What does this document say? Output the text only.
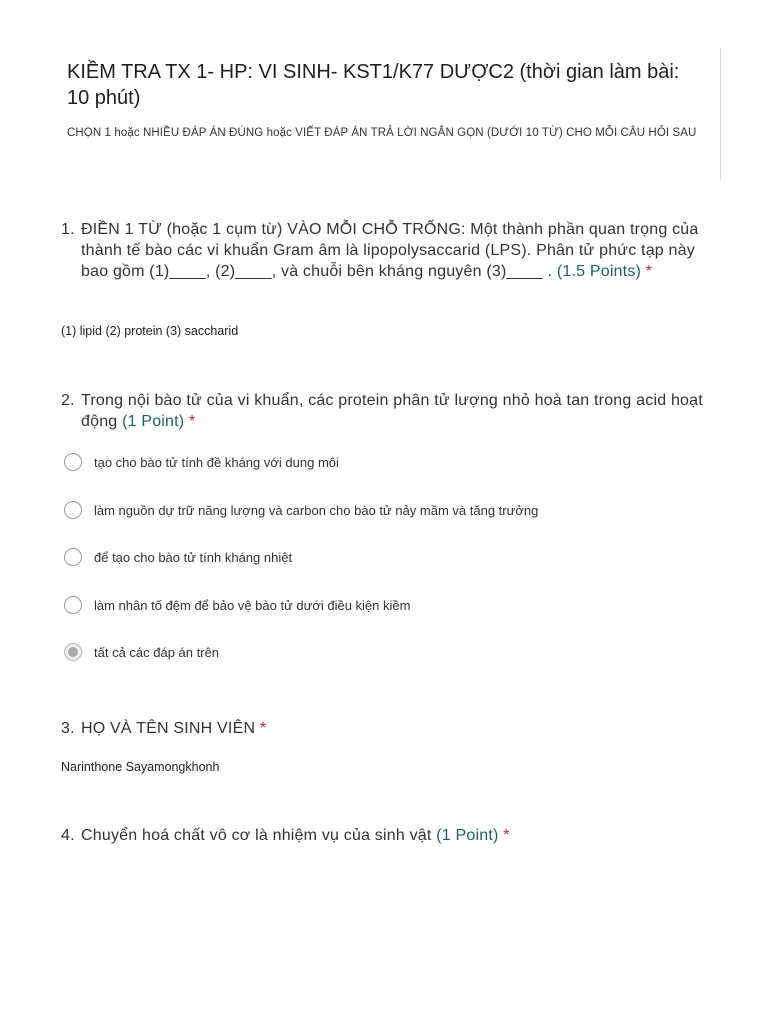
KIỀM TRA TX 1- HP: VI SINH- KST1/K77 DƯỢC2 (thời gian làm bài: 10 phút)
CHỌN 1 hoặc NHIỀU ĐÁP ÁN ĐÚNG hoặc VIẾT ĐÁP ÁN TRẢ LỜI NGẮN GỌN (DƯỚI 10 TỪ) CHO MỖI CÂU HỎI SAU
1. ĐIỀN 1 TỪ (hoặc 1 cụm từ) VÀO MỖI CHỖ TRỐNG: Một thành phần quan trọng của thành tế bào các vi khuẩn Gram âm là lipopolysaccarid (LPS). Phân tử phức tạp này bao gồm (1)____, (2)____, và chuỗi bên kháng nguyên (3)____ . (1.5 Points) *
(1) lipid (2) protein (3) saccharid
2. Trong nội bào tử của vi khuẩn, các protein phân tử lượng nhỏ hoà tan trong acid hoạt động (1 Point) *
tạo cho bào tử tính đề kháng với dung môi
làm nguồn dự trữ năng lượng và carbon cho bào tử nảy mầm và tăng trưởng
để tạo cho bào tử tính kháng nhiệt
làm nhân tố đệm để bảo vệ bào tử dưới điều kiện kiềm
tất cả các đáp án trên
3. HỌ VÀ TÊN SINH VIÊN *
Narinthone Sayamongkhonh
4. Chuyển hoá chất vô cơ là nhiệm vụ của sinh vật (1 Point) *
